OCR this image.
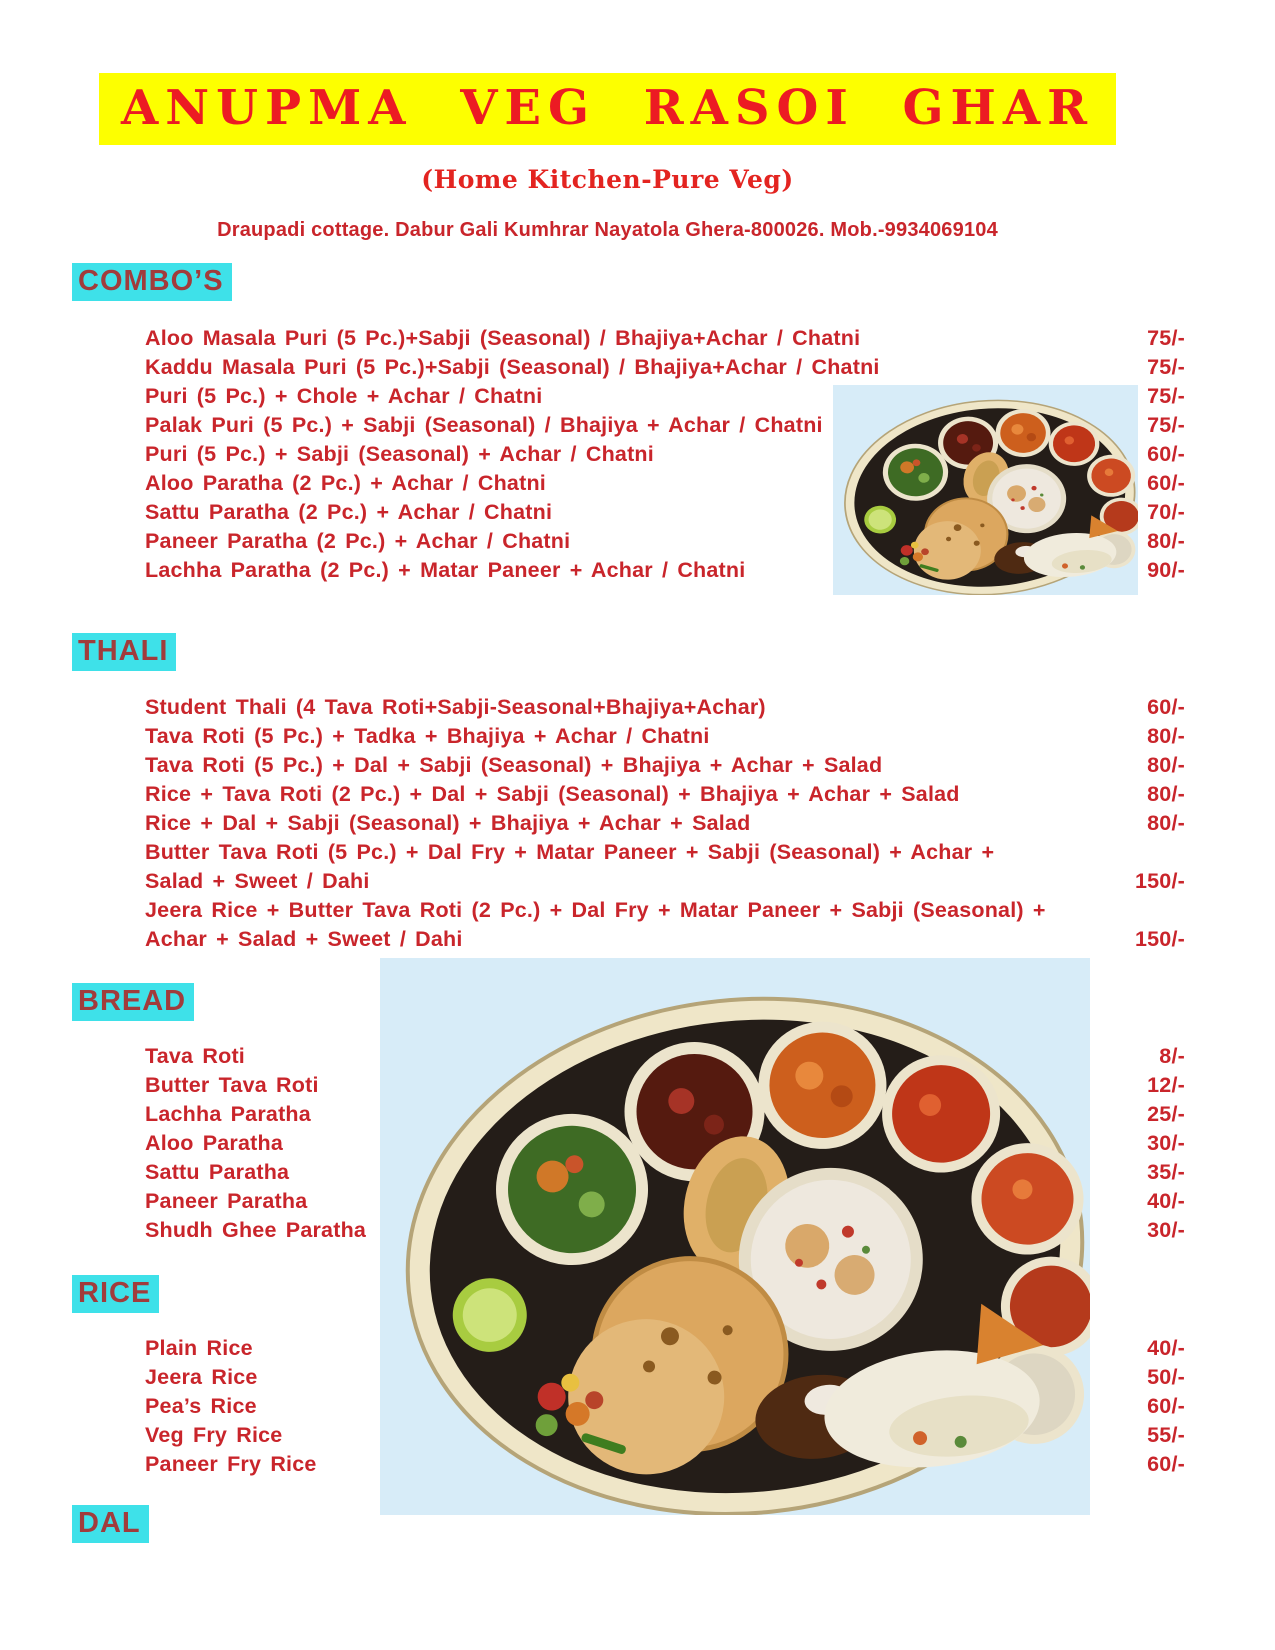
ANUPMA VEG RASOI GHAR
(Home Kitchen-Pure Veg)
Draupadi cottage. Dabur Gali Kumhrar Nayatola Ghera-800026. Mob.-9934069104
COMBO’S
Aloo Masala Puri (5 Pc.)+Sabji (Seasonal) / Bhajiya+Achar / Chatni	75/-
Kaddu Masala Puri (5 Pc.)+Sabji (Seasonal) / Bhajiya+Achar / Chatni	75/-
Puri (5 Pc.) + Chole + Achar / Chatni	75/-
Palak Puri (5 Pc.) + Sabji (Seasonal) / Bhajiya + Achar / Chatni	75/-
Puri (5 Pc.) + Sabji (Seasonal) + Achar / Chatni	60/-
Aloo Paratha (2 Pc.) + Achar / Chatni	60/-
Sattu Paratha (2 Pc.) + Achar / Chatni	70/-
Paneer Paratha (2 Pc.) + Achar / Chatni	80/-
Lachha Paratha (2 Pc.) + Matar Paneer + Achar / Chatni	90/-
THALI
Student Thali (4 Tava Roti+Sabji-Seasonal+Bhajiya+Achar)	60/-
Tava Roti (5 Pc.) + Tadka + Bhajiya + Achar / Chatni	80/-
Tava Roti (5 Pc.) + Dal + Sabji (Seasonal) + Bhajiya + Achar + Salad	80/-
Rice + Tava Roti (2 Pc.) + Dal + Sabji (Seasonal) + Bhajiya + Achar + Salad	80/-
Rice + Dal + Sabji (Seasonal) + Bhajiya + Achar + Salad	80/-
Butter Tava Roti (5 Pc.) + Dal Fry + Matar Paneer + Sabji (Seasonal) + Achar +
Salad + Sweet / Dahi	150/-
Jeera Rice + Butter Tava Roti (2 Pc.) + Dal Fry + Matar Paneer + Sabji (Seasonal) +
Achar + Salad + Sweet / Dahi	150/-
BREAD
Tava Roti	8/-
Butter Tava Roti	12/-
Lachha Paratha	25/-
Aloo Paratha	30/-
Sattu Paratha	35/-
Paneer Paratha	40/-
Shudh Ghee Paratha	30/-
RICE
Plain Rice	40/-
Jeera Rice	50/-
Pea’s Rice	60/-
Veg Fry Rice	55/-
Paneer Fry Rice	60/-
DAL
